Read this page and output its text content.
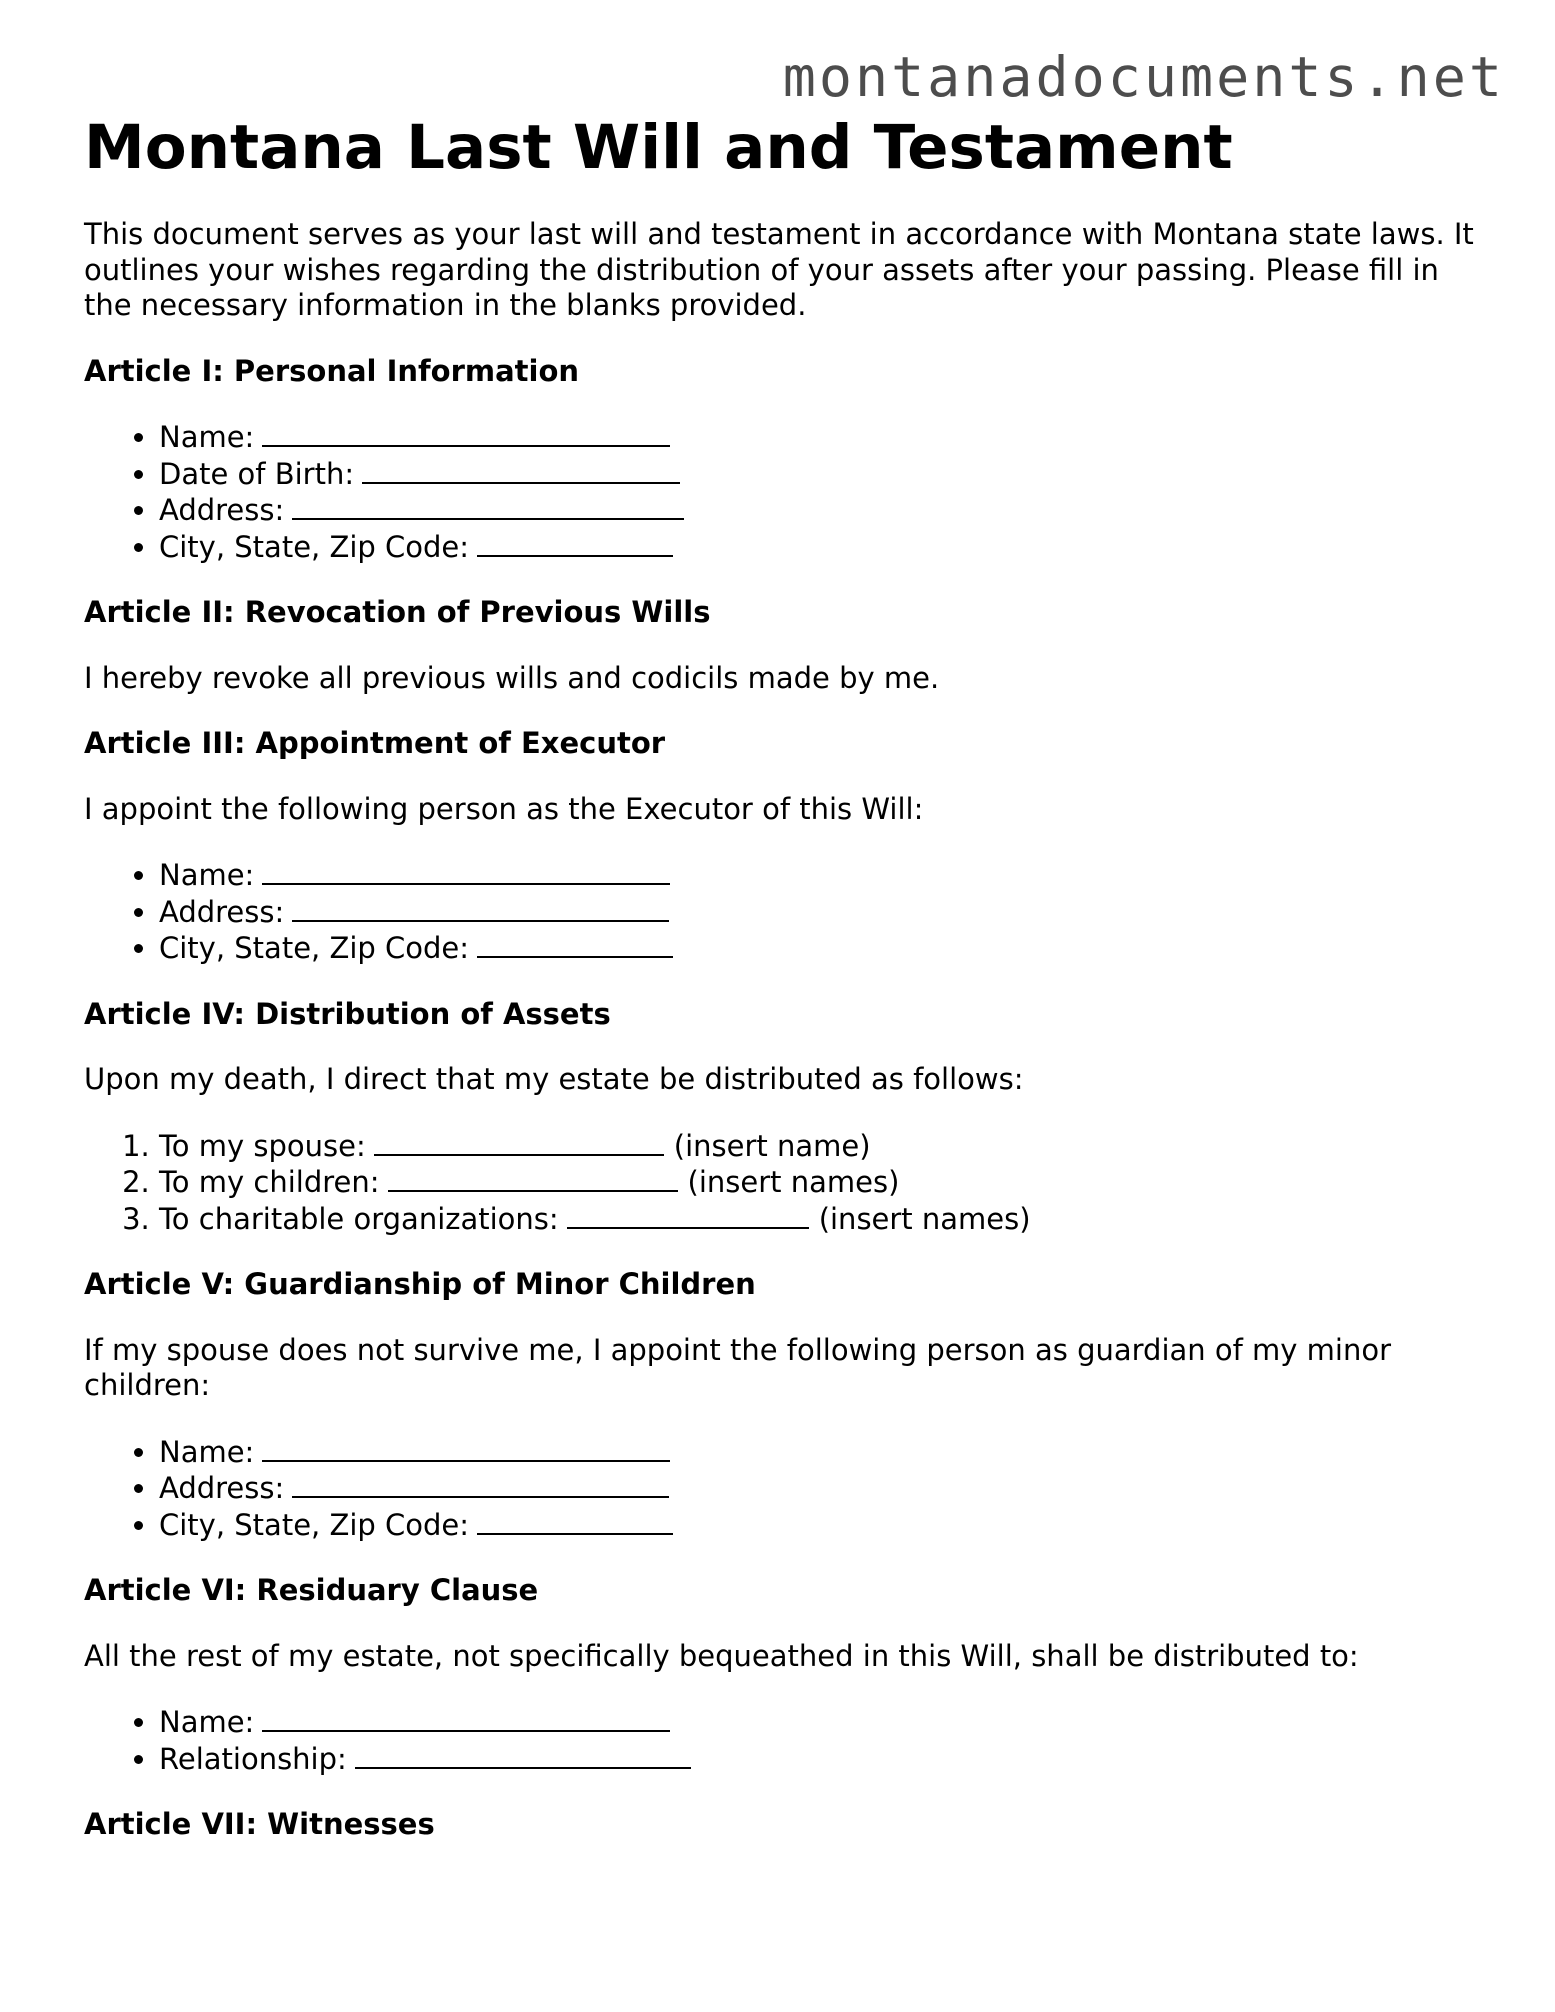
montanadocuments.net
Montana Last Will and Testament

This document serves as your last will and testament in accordance with Montana state laws. It outlines your wishes regarding the distribution of your assets after your passing. Please fill in the necessary information in the blanks provided.

Article I: Personal Information
• Name:
• Date of Birth:
• Address:
• City, State, Zip Code:
Article II: Revocation of Previous Wills

I hereby revoke all previous wills and codicils made by me.

Article III: Appointment of Executor

I appoint the following person as the Executor of this Will:

• Name:
• Address:
• City, State, Zip Code:
Article IV: Distribution of Assets

Upon my death, I direct that my estate be distributed as follows:

1. To my spouse:	(insert name)
2. To my children:	(insert names)
3. To charitable organizations:	(insert names)
Article V: Guardianship of Minor Children

If my spouse does not survive me, I appoint the following person as guardian of my minor children:

• Name:
• Address:
• City, State, Zip Code:
Article VI: Residuary Clause

All the rest of my estate, not specifically bequeathed in this Will, shall be distributed to:

• Name:
• Relationship:
Article VII: Witnesses
